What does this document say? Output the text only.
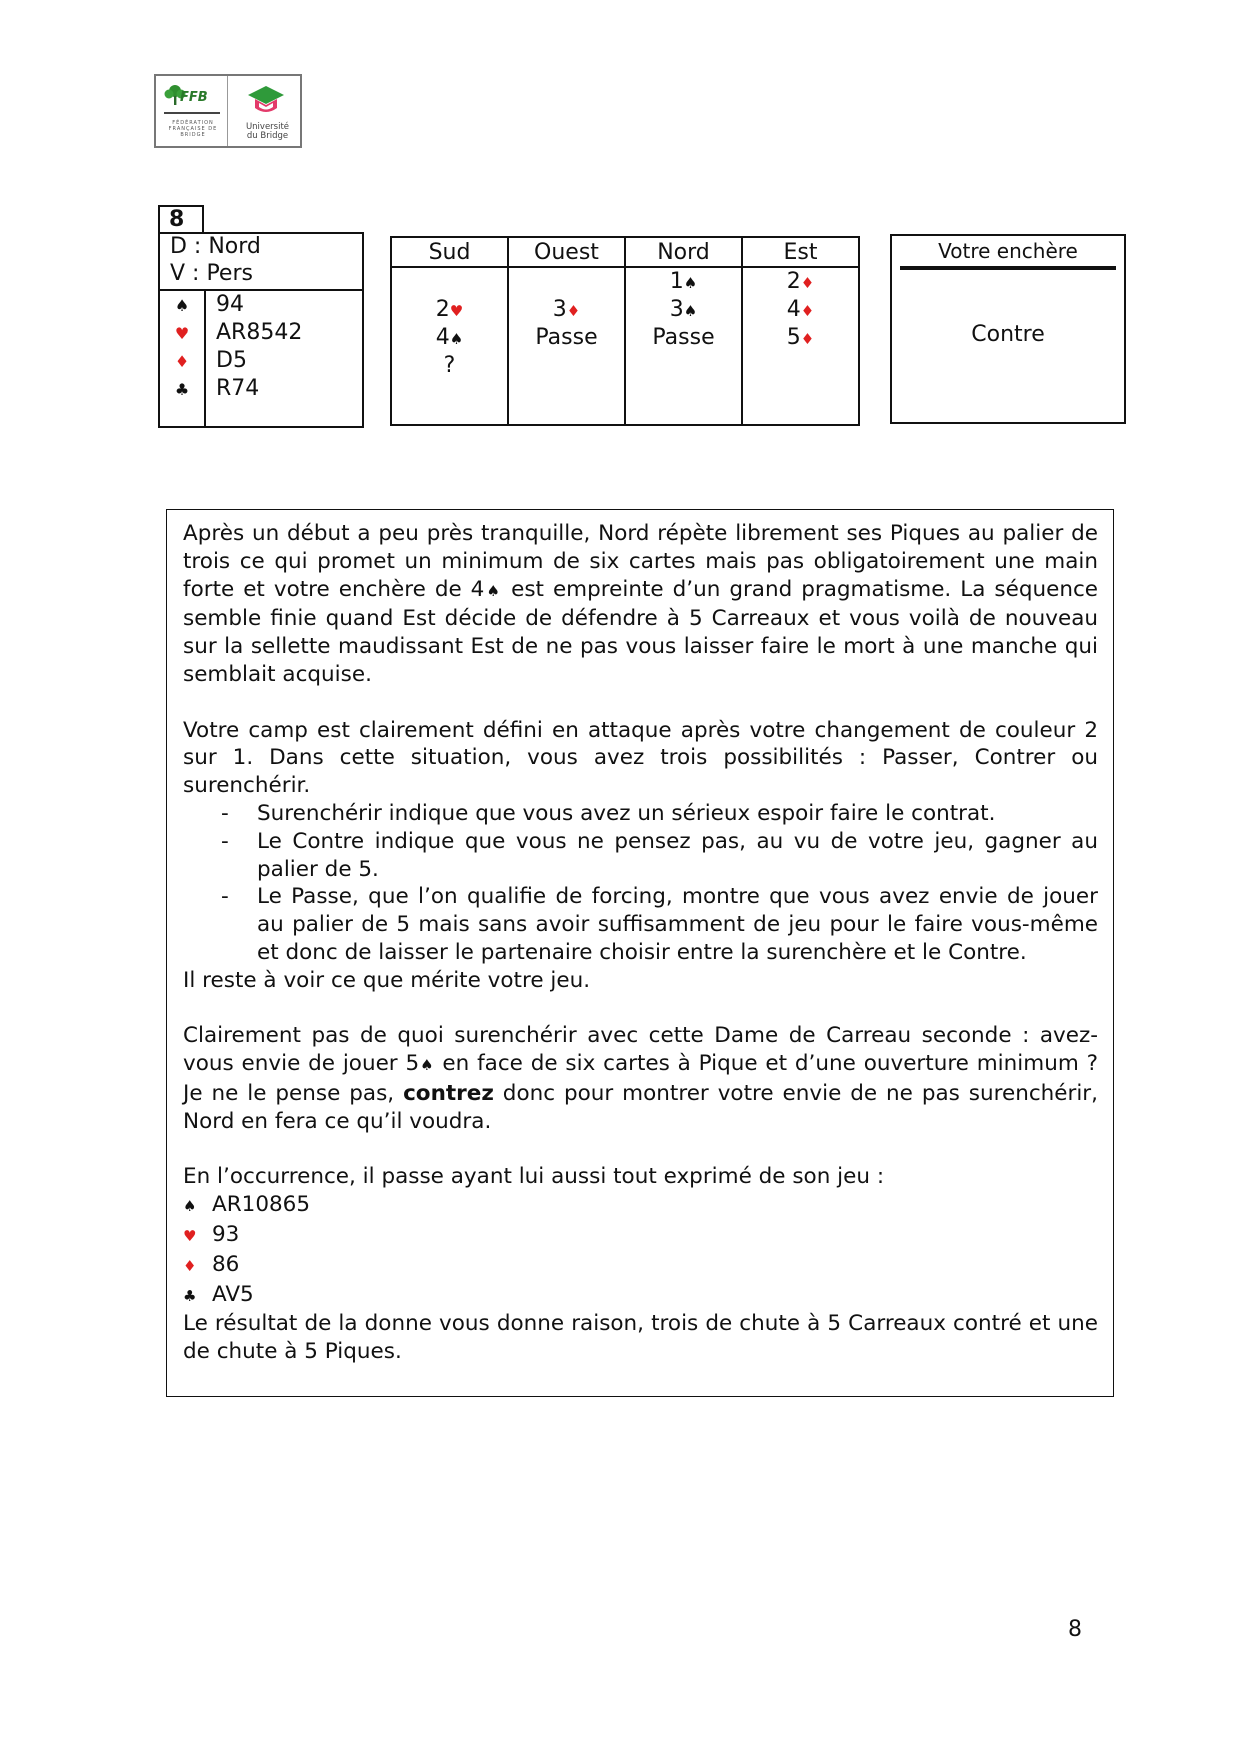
FFB
FÉDÉRATION FRANÇAISE DE BRIDGE
Université du Bridge
8
D : Nord
V : Pers
♠ 94
♥ AR8542
♦ D5
♣ R74
Sud
2♥
4♠
?
Ouest
3♦
Passe
Nord
1♠
3♠
Passe
Est
2♦
4♦
5♦
Votre enchère
Contre

Après un début a peu près tranquille, Nord répète librement ses Piques au palier de trois ce qui promet un minimum de six cartes mais pas obligatoirement une main forte et votre enchère de 4♠ est empreinte d’un grand pragmatisme. La séquence semble finie quand Est décide de défendre à 5 Carreaux et vous voilà de nouveau sur la sellette maudissant Est de ne pas vous laisser faire le mort à une manche qui semblait acquise.

Votre camp est clairement défini en attaque après votre changement de couleur 2 sur 1. Dans cette situation, vous avez trois possibilités : Passer, Contrer ou surenchérir.

- Surenchérir indique que vous avez un sérieux espoir faire le contrat.
- Le Contre indique que vous ne pensez pas, au vu de votre jeu, gagner au palier de 5.
- Le Passe, que l’on qualifie de forcing, montre que vous avez envie de jouer au palier de 5 mais sans avoir suffisamment de jeu pour le faire vous-même et donc de laisser le partenaire choisir entre la surenchère et le Contre.

Il reste à voir ce que mérite votre jeu.

Clairement pas de quoi surenchérir avec cette Dame de Carreau seconde : avez-vous envie de jouer 5♠ en face de six cartes à Pique et d’une ouverture minimum ? Je ne le pense pas, contrez donc pour montrer votre envie de ne pas surenchérir, Nord en fera ce qu’il voudra.

En l’occurrence, il passe ayant lui aussi tout exprimé de son jeu :

♠ AR10865
♥ 93
♦ 86
♣ AV5

Le résultat de la donne vous donne raison, trois de chute à 5 Carreaux contré et une de chute à 5 Piques.

8
